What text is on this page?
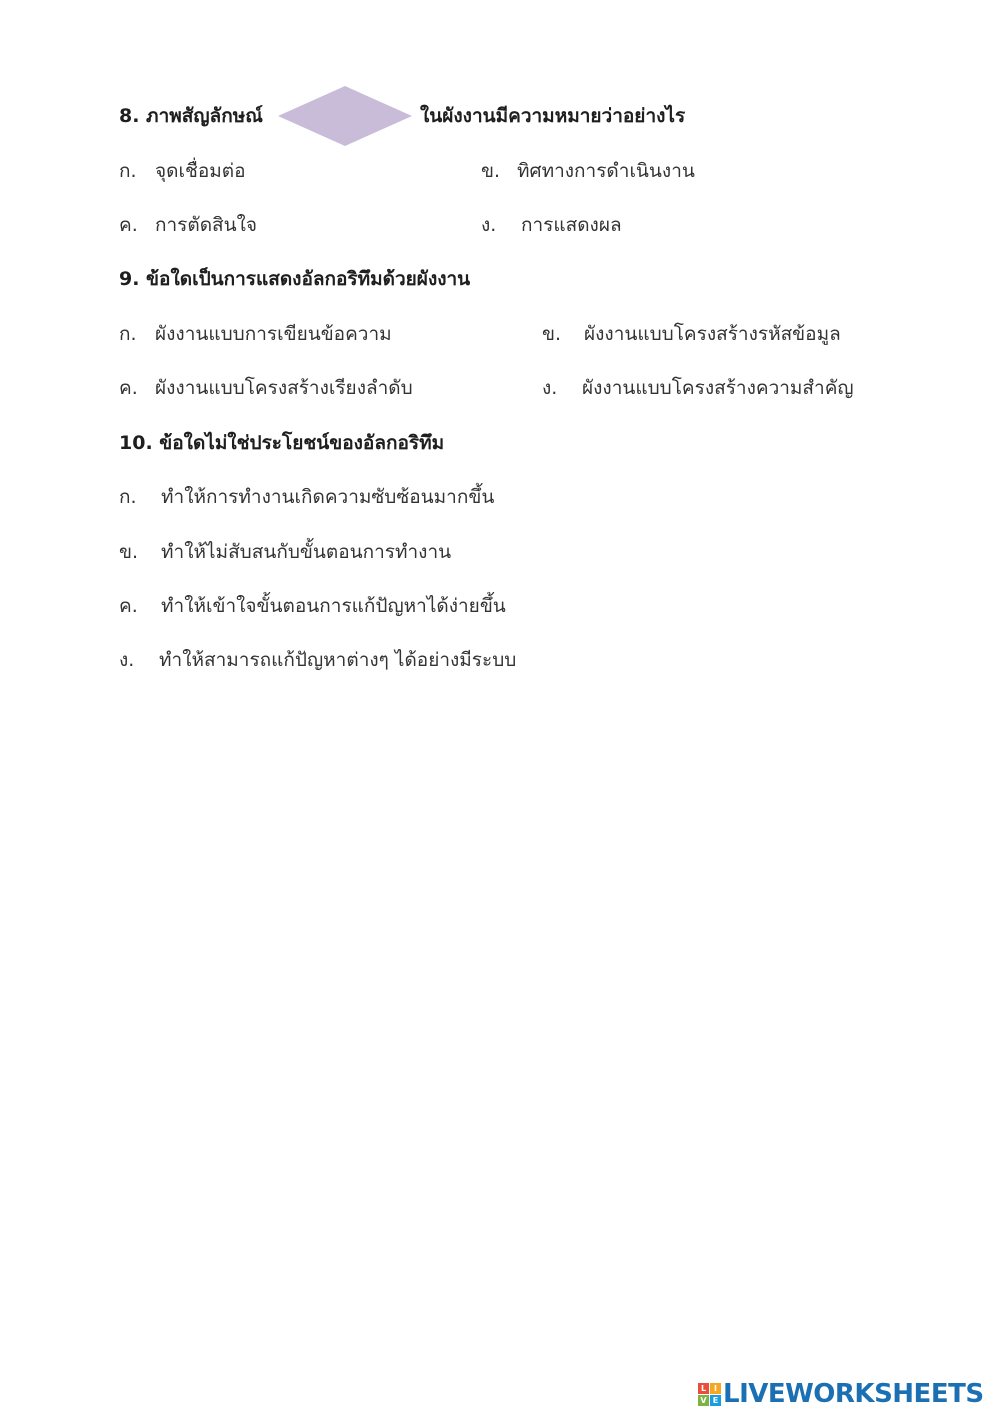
8. ภาพสัญลักษณ์	ในผังงานมีความหมายว่าอย่างไร
ก. จุดเชื่อมต่อ	ข. ทิศทางการดำเนินงาน
ค. การตัดสินใจ	ง. การแสดงผล
9. ข้อใดเป็นการแสดงอัลกอริทึมด้วยผังงาน
ก. ผังงานแบบการเขียนข้อความ	ข. ผังงานแบบโครงสร้างรหัสข้อมูล
ค. ผังงานแบบโครงสร้างเรียงลำดับ	ง. ผังงานแบบโครงสร้างความสำคัญ
10. ข้อใดไม่ใช่ประโยชน์ของอัลกอริทึม
ก. ทำให้การทำงานเกิดความซับซ้อนมากขึ้น
ข. ทำให้ไม่สับสนกับขั้นตอนการทำงาน
ค. ทำให้เข้าใจขั้นตอนการแก้ปัญหาได้ง่ายขึ้น
ง. ทำให้สามารถแก้ปัญหาต่างๆ ได้อย่างมีระบบ
L I
V E LIVEWORKSHEETS
